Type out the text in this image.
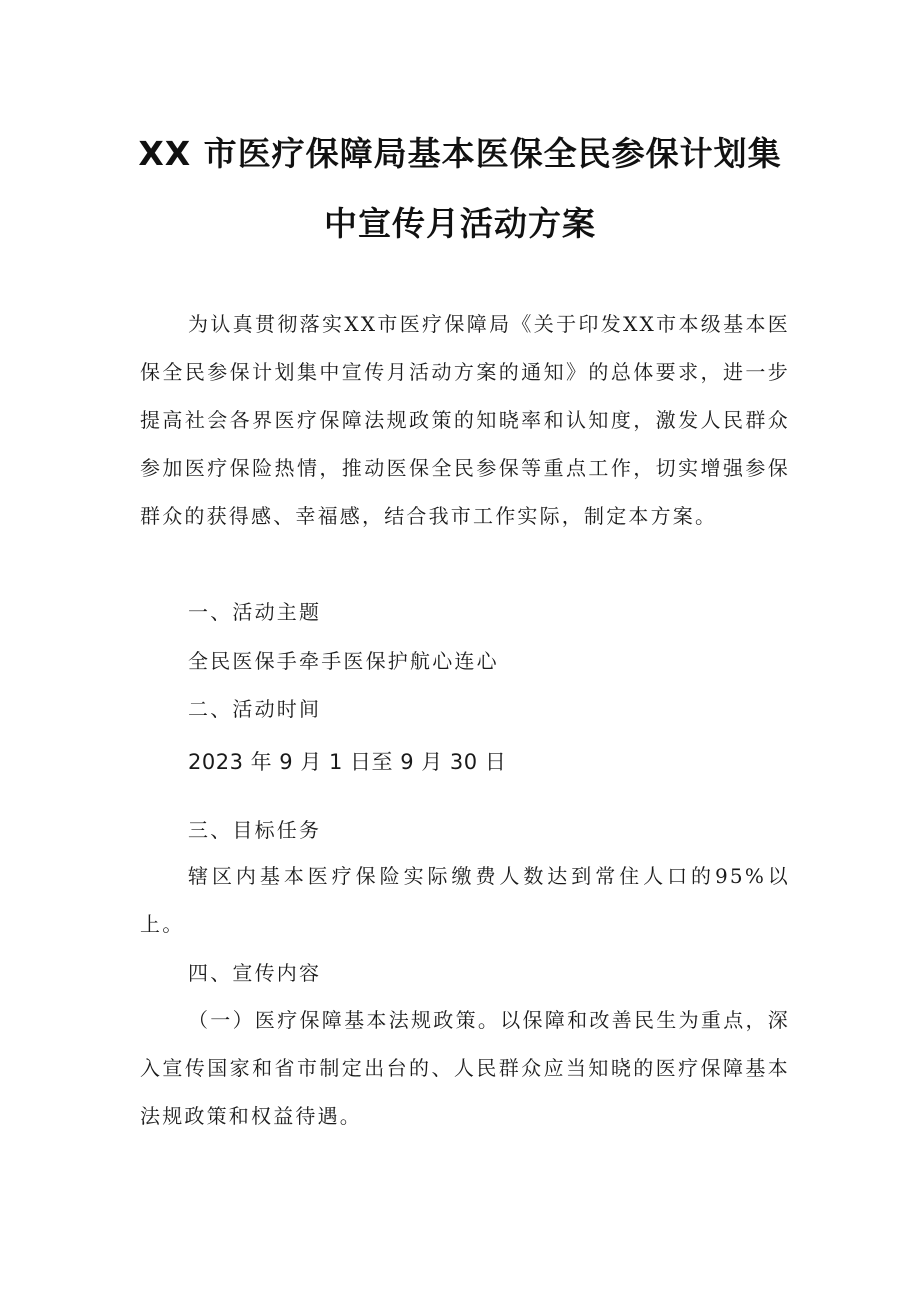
XX 市医疗保障局基本医保全民参保计划集
中宣传月活动方案

为认真贯彻落实XX市医疗保障局《关于印发XX市本级基本医保全民参保计划集中宣传月活动方案的通知》的总体要求，进一步提高社会各界医疗保障法规政策的知晓率和认知度，激发人民群众参加医疗保险热情，推动医保全民参保等重点工作，切实增强参保群众的获得感、幸福感，结合我市工作实际，制定本方案。

一、活动主题

全民医保手牵手医保护航心连心

二、活动时间

2023 年 9 月 1 日至 9 月 30 日

三、目标任务

辖区内基本医疗保险实际缴费人数达到常住人口的95%以上。

四、宣传内容

（一）医疗保障基本法规政策。以保障和改善民生为重点，深入宣传国家和省市制定出台的、人民群众应当知晓的医疗保障基本法规政策和权益待遇。
